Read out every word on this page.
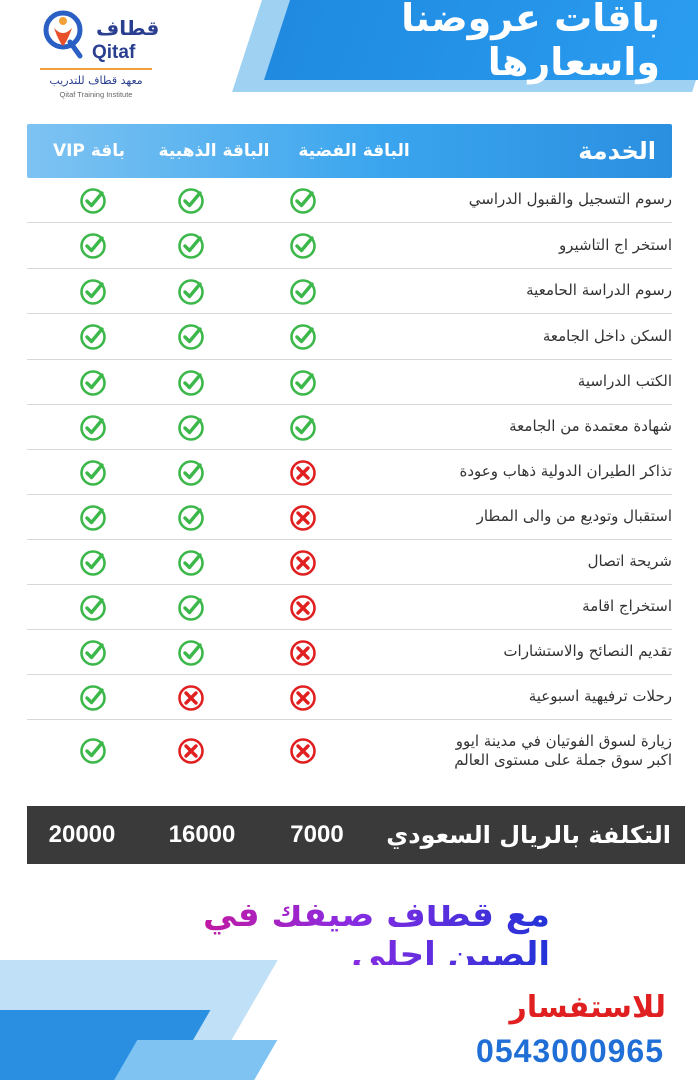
باقات عروضنا واسعارها
قطاف
Qitaf
معهد قطاف للتدريب
Qitaf Training Institute
الخدمة
الباقة الفضية
الباقة الذهبية
باقة VIP
رسوم التسجيل والقبول الدراسي
استخر اج التاشيرو
رسوم الدراسة الحامعية
السكن داخل الجامعة
الكتب الدراسية
شهادة معتمدة من الجامعة
تذاكر الطيران الدولية ذهاب وعودة
استقبال وتوديع من والى المطار
شريحة اتصال
استخراج اقامة
تقديم النصائح والاستشارات
رحلات ترفيهية اسبوعية
زيارة لسوق الفوتيان في مدينة ايوو
اكبر سوق جملة على مستوى العالم
التكلفة بالريال السعودي
7000
16000
20000
مع قطاف صيفك في الصين احلى
للاستفسار
0543000965
